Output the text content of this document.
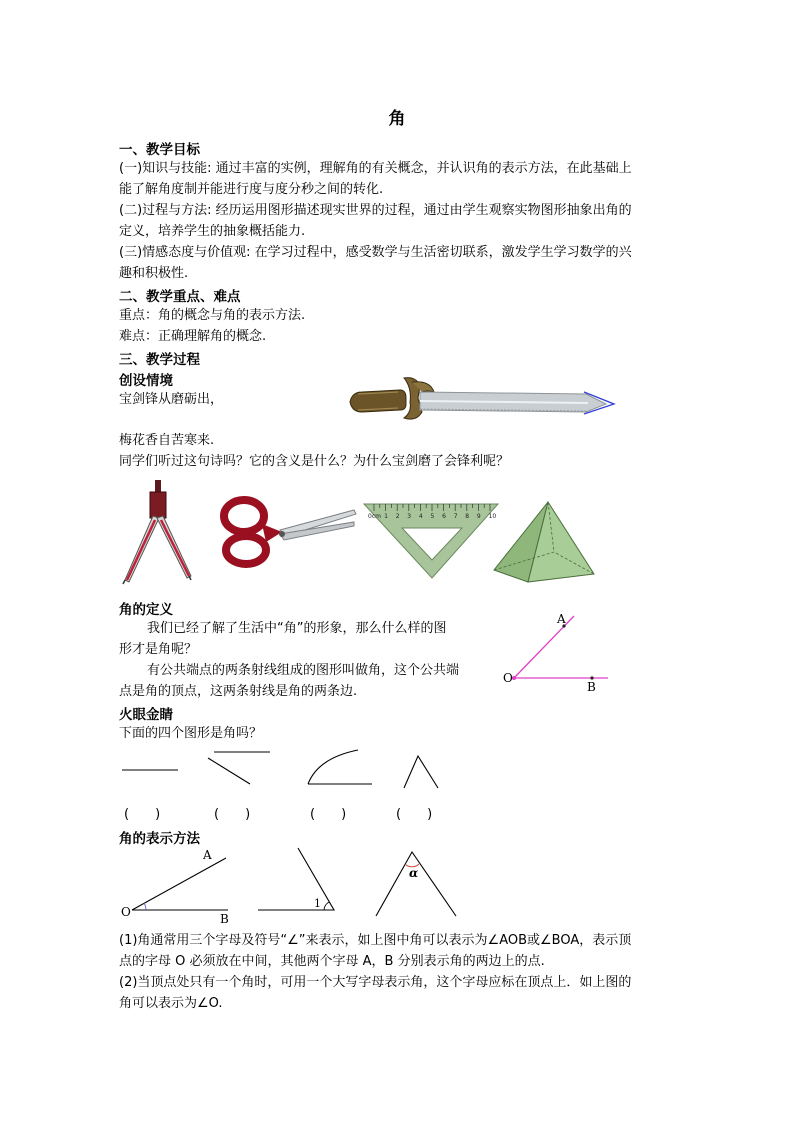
角
一、教学目标
(一)知识与技能: 通过丰富的实例，理解角的有关概念，并认识角的表示方法，在此基础上
能了解角度制并能进行度与度分秒之间的转化.
(二)过程与方法: 经历运用图形描述现实世界的过程，通过由学生观察实物图形抽象出角的
定义，培养学生的抽象概括能力.
(三)情感态度与价值观: 在学习过程中，感受数学与生活密切联系，激发学生学习数学的兴
趣和积极性.
二、教学重点、难点
重点：角的概念与角的表示方法.
难点：正确理解角的概念.
三、教学过程
创设情境
宝剑锋从磨砺出，
梅花香自苦寒来.
同学们听过这句诗吗？它的含义是什么？为什么宝剑磨了会锋利呢？
0cm 1 2 3 4 5 6 7 8 9 10
角的定义
我们已经了解了生活中“角”的形象，那么什么样的图
形才是角呢？
有公共端点的两条射线组成的图形叫做角，这个公共端
点是角的顶点，这两条射线是角的两条边.
A
O
B
火眼金睛
下面的四个图形是角吗？
(　　)	(　　)	(　　)	(　　)
角的表示方法
A
O	B
1
α
(1)角通常用三个字母及符号“∠”来表示，如上图中角可以表示为∠AOB或∠BOA，表示顶
点的字母 O 必须放在中间，其他两个字母 A，B 分别表示角的两边上的点.
(2)当顶点处只有一个角时，可用一个大写字母表示角，这个字母应标在顶点上．如上图的
角可以表示为∠O.
